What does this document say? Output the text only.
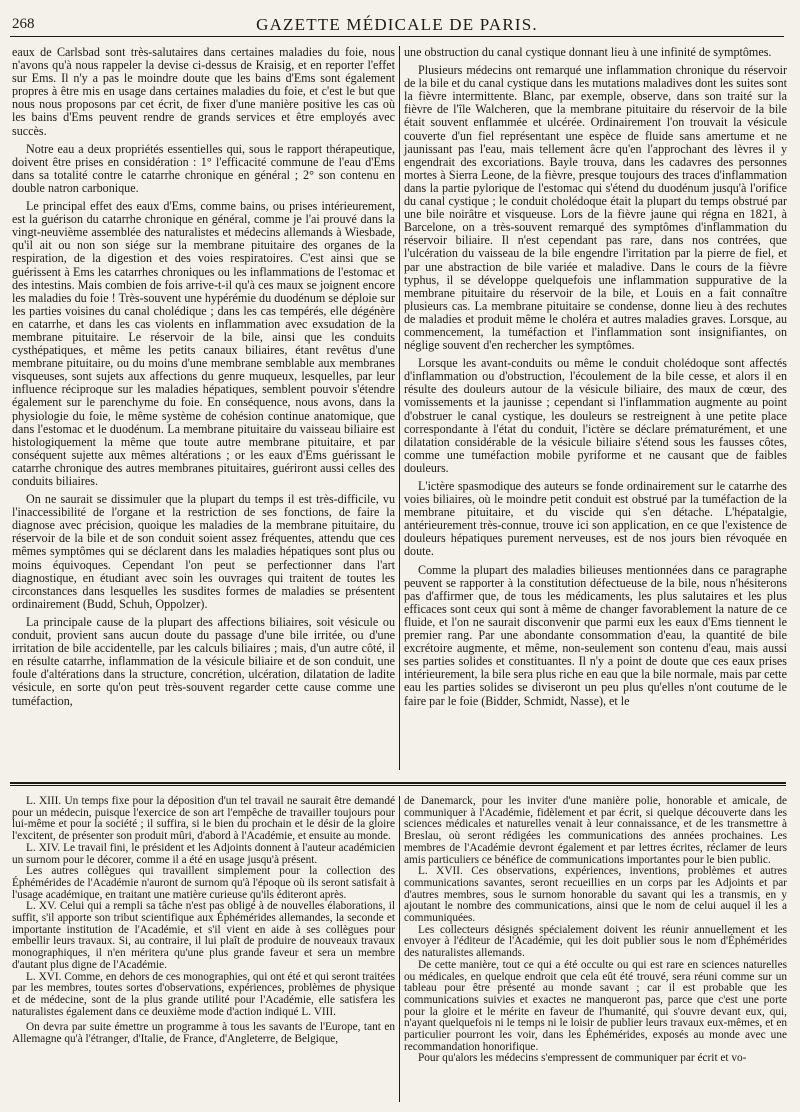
268	GAZETTE MÉDICALE DE PARIS.

eaux de Carlsbad sont très-salutaires dans certaines maladies du foie, nous n'avons qu'à nous rappeler la devise ci-dessus de Kraisig, et en reporter l'effet sur Ems. Il n'y a pas le moindre doute que les bains d'Ems sont également propres à être mis en usage dans certaines maladies du foie, et c'est le but que nous nous proposons par cet écrit, de fixer d'une manière positive les cas où les bains d'Ems peuvent rendre de grands services et être employés avec succès.

Notre eau a deux propriétés essentielles qui, sous le rapport thérapeutique, doivent être prises en considération : 1° l'efficacité commune de l'eau d'Ems dans sa totalité contre le catarrhe chronique en général ; 2° son contenu en double natron carbonique.

Le principal effet des eaux d'Ems, comme bains, ou prises intérieurement, est la guérison du catarrhe chronique en général, comme je l'ai prouvé dans la vingt-neuvième assemblée des naturalistes et médecins allemands à Wiesbade, qu'il ait ou non son siége sur la membrane pituitaire des organes de la respiration, de la digestion et des voies respiratoires. C'est ainsi que se guérissent à Ems les catarrhes chroniques ou les inflammations de l'estomac et des intestins. Mais combien de fois arrive-t-il qu'à ces maux se joignent encore les maladies du foie ! Très-souvent une hypérémie du duodénum se déploie sur les parties voisines du canal cholédique ; dans les cas tempérés, elle dégénère en catarrhe, et dans les cas violents en inflammation avec exsudation de la membrane pituitaire. Le réservoir de la bile, ainsi que les conduits cysthépatiques, et même les petits canaux biliaires, étant revêtus d'une membrane pituitaire, ou du moins d'une membrane semblable aux membranes visqueuses, sont sujets aux affections du genre muqueux, lesquelles, par leur influence réciproque sur les maladies hépatiques, semblent pouvoir s'étendre également sur le parenchyme du foie. En conséquence, nous avons, dans la physiologie du foie, le même système de cohésion continue anatomique, que dans l'estomac et le duodénum. La membrane pituitaire du vaisseau biliaire est histologiquement la même que toute autre membrane pituitaire, et par conséquent sujette aux mêmes altérations ; or les eaux d'Ems guérissant le catarrhe chronique des autres membranes pituitaires, guériront aussi celles des conduits biliaires.

On ne saurait se dissimuler que la plupart du temps il est très-difficile, vu l'inaccessibilité de l'organe et la restriction de ses fonctions, de faire la diagnose avec précision, quoique les maladies de la membrane pituitaire, du réservoir de la bile et de son conduit soient assez fréquentes, attendu que ces mêmes symptômes qui se déclarent dans les maladies hépatiques sont plus ou moins équivoques. Cependant l'on peut se perfectionner dans l'art diagnostique, en étudiant avec soin les ouvrages qui traitent de toutes les circonstances dans lesquelles les susdites formes de maladies se présentent ordinairement (Budd, Schuh, Oppolzer).

La principale cause de la plupart des affections biliaires, soit vésicule ou conduit, provient sans aucun doute du passage d'une bile irritée, ou d'une irritation de bile accidentelle, par les calculs biliaires ; mais, d'un autre côté, il en résulte catarrhe, inflammation de la vésicule biliaire et de son conduit, une foule d'altérations dans la structure, concrétion, ulcération, dilatation de ladite vésicule, en sorte qu'on peut très-souvent regarder cette cause comme une tuméfaction,

une obstruction du canal cystique donnant lieu à une infinité de symptômes.

Plusieurs médecins ont remarqué une inflammation chronique du réservoir de la bile et du canal cystique dans les mutations maladives dont les suites sont la fièvre intermittente. Blanc, par exemple, observe, dans son traité sur la fièvre de l'île Walcheren, que la membrane pituitaire du réservoir de la bile était souvent enflammée et ulcérée. Ordinairement l'on trouvait la vésicule couverte d'un fiel représentant une espèce de fluide sans amertume et ne jaunissant pas l'eau, mais tellement âcre qu'en l'approchant des lèvres il y engendrait des excoriations. Bayle trouva, dans les cadavres des personnes mortes à Sierra Leone, de la fièvre, presque toujours des traces d'inflammation dans la partie pylorique de l'estomac qui s'étend du duodénum jusqu'à l'orifice du canal cystique ; le conduit cholédoque était la plupart du temps obstrué par une bile noirâtre et visqueuse. Lors de la fièvre jaune qui régna en 1821, à Barcelone, on a très-souvent remarqué des symptômes d'inflammation du réservoir biliaire. Il n'est cependant pas rare, dans nos contrées, que l'ulcération du vaisseau de la bile engendre l'irritation par la pierre de fiel, et par une abstraction de bile variée et maladive. Dans le cours de la fièvre typhus, il se développe quelquefois une inflammation suppurative de la membrane pituitaire du réservoir de la bile, et Louis en a fait connaître plusieurs cas. La membrane pituitaire se condense, donne lieu à des rechutes de maladies et produit même le choléra et autres maladies graves. Lorsque, au commencement, la tuméfaction et l'inflammation sont insignifiantes, on néglige souvent d'en rechercher les symptômes.

Lorsque les avant-conduits ou même le conduit cholédoque sont affectés d'inflammation ou d'obstruction, l'écoulement de la bile cesse, et alors il en résulte des douleurs autour de la vésicule biliaire, des maux de cœur, des vomissements et la jaunisse ; cependant si l'inflammation augmente au point d'obstruer le canal cystique, les douleurs se restreignent à une petite place correspondante à l'état du conduit, l'ictère se déclare prématurément, et une dilatation considérable de la vésicule biliaire s'étend sous les fausses côtes, comme une tuméfaction mobile pyriforme et ne causant que de faibles douleurs.

L'ictère spasmodique des auteurs se fonde ordinairement sur le catarrhe des voies biliaires, où le moindre petit conduit est obstrué par la tuméfaction de la membrane pituitaire, et du viscide qui s'en détache. L'hépatalgie, antérieurement très-connue, trouve ici son application, en ce que l'existence de douleurs hépatiques purement nerveuses, est de nos jours bien révoquée en doute.

Comme la plupart des maladies bilieuses mentionnées dans ce paragraphe peuvent se rapporter à la constitution défectueuse de la bile, nous n'hésiterons pas d'affirmer que, de tous les médicaments, les plus salutaires et les plus efficaces sont ceux qui sont à même de changer favorablement la nature de ce fluide, et l'on ne saurait disconvenir que parmi eux les eaux d'Ems tiennent le premier rang. Par une abondante consommation d'eau, la quantité de bile excrétoire augmente, et même, non-seulement son contenu d'eau, mais aussi ses parties solides et constituantes. Il n'y a point de doute que ces eaux prises intérieurement, la bile sera plus riche en eau que la bile normale, mais par cette eau les parties solides se diviseront un peu plus qu'elles n'ont coutume de le faire par le foie (Bidder, Schmidt, Nasse), et le

L. XIII. Un temps fixe pour la déposition d'un tel travail ne saurait être demandé pour un médecin, puisque l'exercice de son art l'empêche de travailler toujours pour lui-même et pour la société ; il suffira, si le bien du prochain et le désir de la gloire l'excitent, de présenter son produit mûri, d'abord à l'Académie, et ensuite au monde.

L. XIV. Le travail fini, le président et les Adjoints donnent à l'auteur académicien un surnom pour le décorer, comme il a été en usage jusqu'à présent.

Les autres collègues qui travaillent simplement pour la collection des Éphémérides de l'Académie n'auront de surnom qu'à l'époque où ils seront satisfait à l'usage académique, en traitant une matière curieuse qu'ils éditeront après.

L. XV. Celui qui a rempli sa tâche n'est pas obligé à de nouvelles élaborations, il suffit, s'il apporte son tribut scientifique aux Éphémérides allemandes, la seconde et importante institution de l'Académie, et s'il vient en aide à ses collègues pour embellir leurs travaux. Si, au contraire, il lui plaît de produire de nouveaux travaux monographiques, il n'en méritera qu'une plus grande faveur et sera un membre d'autant plus digne de l'Académie.

L. XVI. Comme, en dehors de ces monographies, qui ont été et qui seront traitées par les membres, toutes sortes d'observations, expériences, problèmes de physique et de médecine, sont de la plus grande utilité pour l'Académie, elle satisfera les naturalistes également dans ce deuxième mode d'action indiqué L. VIII.

On devra par suite émettre un programme à tous les savants de l'Europe, tant en Allemagne qu'à l'étranger, d'Italie, de France, d'Angleterre, de Belgique,

de Danemarck, pour les inviter d'une manière polie, honorable et amicale, de communiquer à l'Académie, fidèlement et par écrit, si quelque découverte dans les sciences médicales et naturelles venait à leur connaissance, et de les transmettre à Breslau, où seront rédigées les communications des années prochaines. Les membres de l'Académie devront également et par lettres écrites, réclamer de leurs amis particuliers ce bénéfice de communications importantes pour le bien public.

L. XVII. Ces observations, expériences, inventions, problèmes et autres communications savantes, seront recueillies en un corps par les Adjoints et par d'autres membres, sous le surnom honorable du savant qui les a transmis, en y ajoutant le nombre des communications, ainsi que le nom de celui auquel il les a communiquées.

Les collecteurs désignés spécialement doivent les réunir annuellement et les envoyer à l'éditeur de l'Académie, qui les doit publier sous le nom d'Éphémérides des naturalistes allemands.

De cette manière, tout ce qui a été occulte ou qui est rare en sciences naturelles ou médicales, en quelque endroit que cela eût été trouvé, sera réuni comme sur un tableau pour être présenté au monde savant ; car il est probable que les communications suivies et exactes ne manqueront pas, parce que c'est une porte pour la gloire et le mérite en faveur de l'humanité, qui s'ouvre devant eux, qui, n'ayant quelquefois ni le temps ni le loisir de publier leurs travaux eux-mêmes, et en particulier pourront les voir, dans les Éphémérides, exposés au monde avec une recommandation honorifique.

Pour qu'alors les médecins s'empressent de communiquer par écrit et vo-
